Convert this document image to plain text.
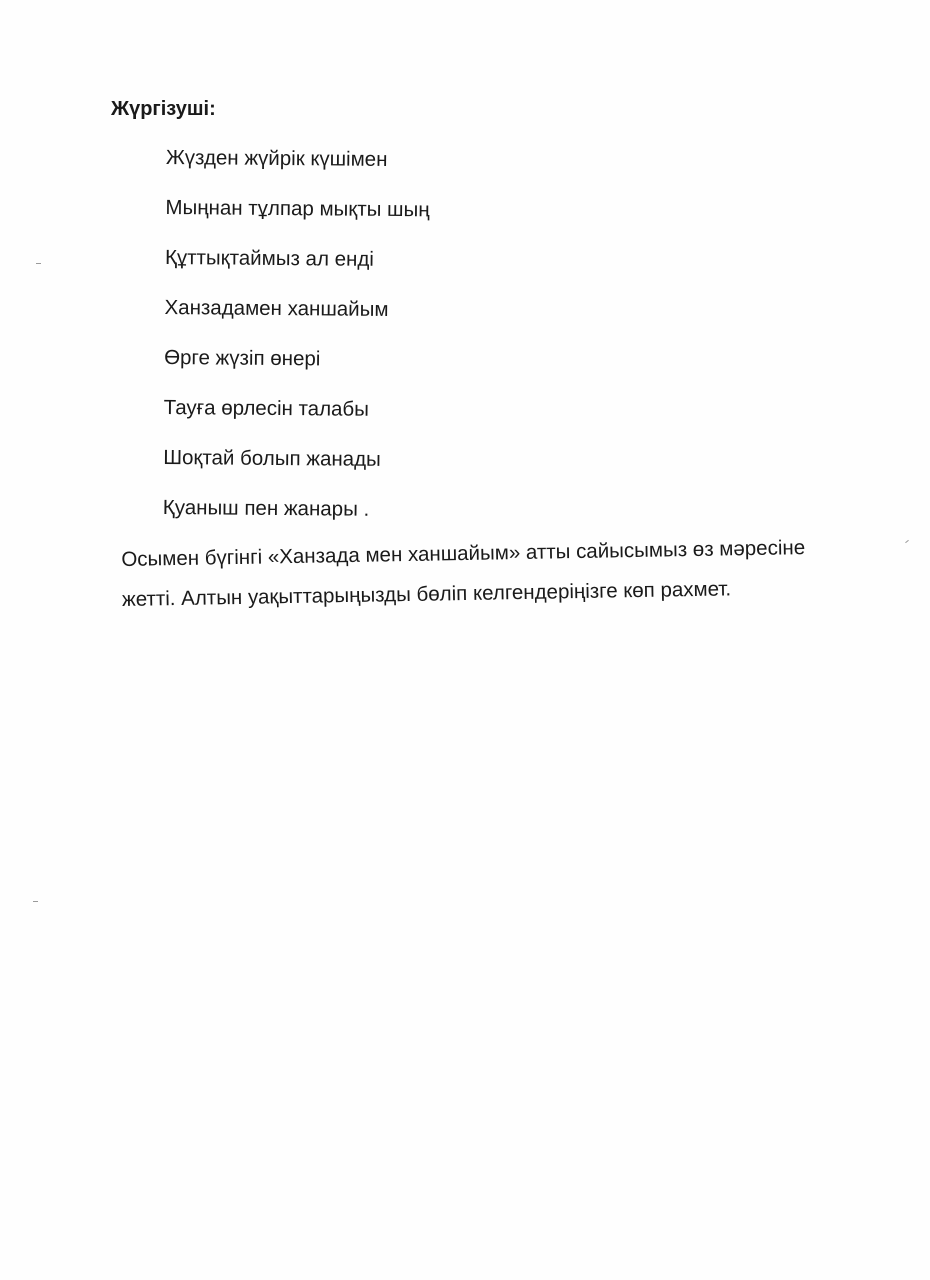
Жүргізуші:

Жүзден жүйрік күшімен
Мыңнан тұлпар мықты шың
Құттықтаймыз ал енді
Ханзадамен ханшайым
Өрге жүзіп өнері
Тауға өрлесін талабы
Шоқтай болып жанады
Қуаныш пен жанары .

Осымен бүгінгі «Ханзада мен ханшайым» атты сайысымыз өз мәресіне жетті. Алтын уақыттарыңызды бөліп келгендеріңізге көп рахмет.
